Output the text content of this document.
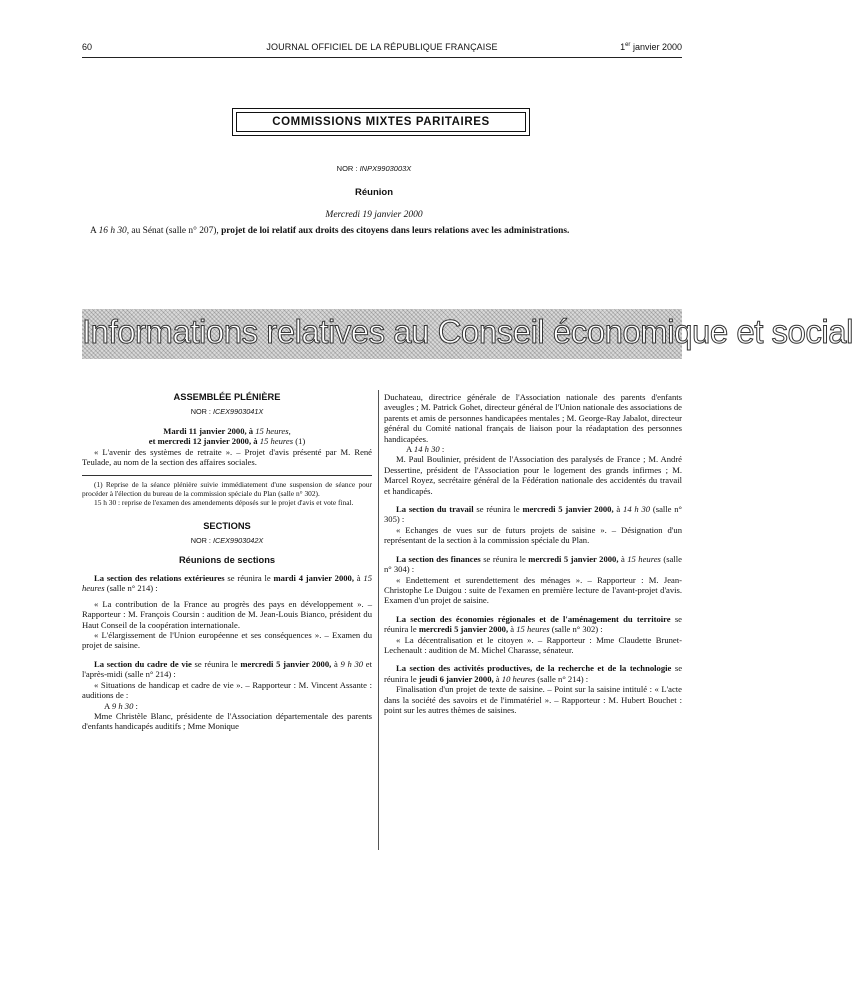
60	JOURNAL OFFICIEL DE LA RÉPUBLIQUE FRANÇAISE	1er janvier 2000
COMMISSIONS MIXTES PARITAIRES
NOR : INPX9903003X
Réunion
Mercredi 19 janvier 2000
A 16 h 30, au Sénat (salle n° 207), projet de loi relatif aux droits des citoyens dans leurs relations avec les administrations.
Informations relatives au Conseil économique et social

ASSEMBLÉE PLÉNIÈRE

NOR : ICEX9903041X

Mardi 11 janvier 2000, à 15 heures,

et mercredi 12 janvier 2000, à 15 heures (1)

« L'avenir des systèmes de retraite ». – Projet d'avis présenté par M. René Teulade, au nom de la section des affaires sociales.

(1) Reprise de la séance plénière suivie immédiatement d'une suspension de séance pour procéder à l'élection du bureau de la commission spéciale du Plan (salle n° 302).

15 h 30 : reprise de l'examen des amendements déposés sur le projet d'avis et vote final.

SECTIONS

NOR : ICEX9903042X

Réunions de sections

La section des relations extérieures se réunira le mardi 4 janvier 2000, à 15 heures (salle n° 214) :

« La contribution de la France au progrès des pays en développement ». – Rapporteur : M. François Coursin : audition de M. Jean-Louis Bianco, président du Haut Conseil de la coopération internationale.

« L'élargissement de l'Union européenne et ses conséquences ». – Examen du projet de saisine.

La section du cadre de vie se réunira le mercredi 5 janvier 2000, à 9 h 30 et l'après-midi (salle n° 214) :

« Situations de handicap et cadre de vie ». – Rapporteur : M. Vincent Assante : auditions de :

A 9 h 30 :

Mme Christèle Blanc, présidente de l'Association départementale des parents d'enfants handicapés auditifs ; Mme Monique

Duchateau, directrice générale de l'Association nationale des parents d'enfants aveugles ; M. Patrick Gohet, directeur général de l'Union nationale des associations de parents et amis de personnes handicapées mentales ; M. George-Ray Jabalot, directeur général du Comité national français de liaison pour la réadaptation des personnes handicapées.

A 14 h 30 :

M. Paul Boulinier, président de l'Association des paralysés de France ; M. André Dessertine, président de l'Association pour le logement des grands infirmes ; M. Marcel Royez, secrétaire général de la Fédération nationale des accidentés du travail et handicapés.

La section du travail se réunira le mercredi 5 janvier 2000, à 14 h 30 (salle n° 305) :

« Echanges de vues sur de futurs projets de saisine ». – Désignation d'un représentant de la section à la commission spéciale du Plan.

La section des finances se réunira le mercredi 5 janvier 2000, à 15 heures (salle n° 304) :

« Endettement et surendettement des ménages ». – Rapporteur : M. Jean-Christophe Le Duigou : suite de l'examen en première lecture de l'avant-projet d'avis. Examen d'un projet de saisine.

La section des économies régionales et de l'aménagement du territoire se réunira le mercredi 5 janvier 2000, à 15 heures (salle n° 302) :

« La décentralisation et le citoyen ». – Rapporteur : Mme Claudette Brunet-Lechenault : audition de M. Michel Charasse, sénateur.

La section des activités productives, de la recherche et de la technologie se réunira le jeudi 6 janvier 2000, à 10 heures (salle n° 214) :

Finalisation d'un projet de texte de saisine. – Point sur la saisine intitulé : « L'acte dans la société des savoirs et de l'immatériel ». – Rapporteur : M. Hubert Bouchet : point sur les autres thèmes de saisines.
